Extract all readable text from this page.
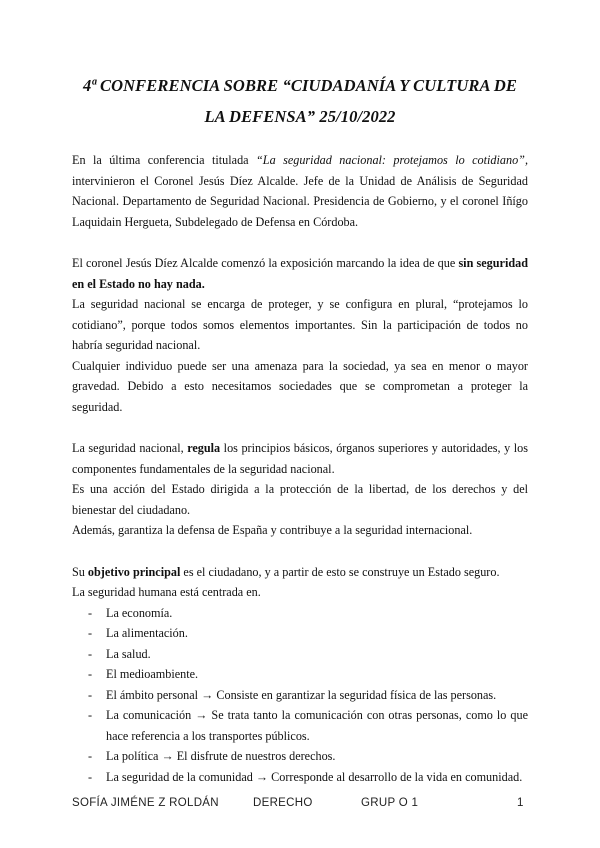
4ª CONFERENCIA SOBRE “CIUDADANÍA Y CULTURA DE
LA DEFENSA” 25/10/2022

En la última conferencia titulada “La seguridad nacional: protejamos lo cotidiano”, intervinieron el Coronel Jesús Díez Alcalde. Jefe de la Unidad de Análisis de Seguridad Nacional. Departamento de Seguridad Nacional. Presidencia de Gobierno, y el coronel Iñígo Laquidain Hergueta, Subdelegado de Defensa en Córdoba.

El coronel Jesús Díez Alcalde comenzó la exposición marcando la idea de que sin seguridad en el Estado no hay nada.

La seguridad nacional se encarga de proteger, y se configura en plural, “protejamos lo cotidiano”, porque todos somos elementos importantes. Sin la participación de todos no habría seguridad nacional.

Cualquier individuo puede ser una amenaza para la sociedad, ya sea en menor o mayor gravedad. Debido a esto necesitamos sociedades que se comprometan a proteger la seguridad.

La seguridad nacional, regula los principios básicos, órganos superiores y autoridades, y los componentes fundamentales de la seguridad nacional.

Es una acción del Estado dirigida a la protección de la libertad, de los derechos y del bienestar del ciudadano.

Además, garantiza la defensa de España y contribuye a la seguridad internacional.

Su objetivo principal es el ciudadano, y a partir de esto se construye un Estado seguro.

La seguridad humana está centrada en.

- La economía.
- La alimentación.
- La salud.
- El medioambiente.
- El ámbito personal → Consiste en garantizar la seguridad física de las personas.
- La comunicación → Se trata tanto la comunicación con otras personas, como lo que hace referencia a los transportes públicos.
- La política → El disfrute de nuestros derechos.
- La seguridad de la comunidad → Corresponde al desarrollo de la vida en comunidad.
SOFÍA JIMÉNE Z ROLDÁN	DERECHO	GRUP O 1	1
